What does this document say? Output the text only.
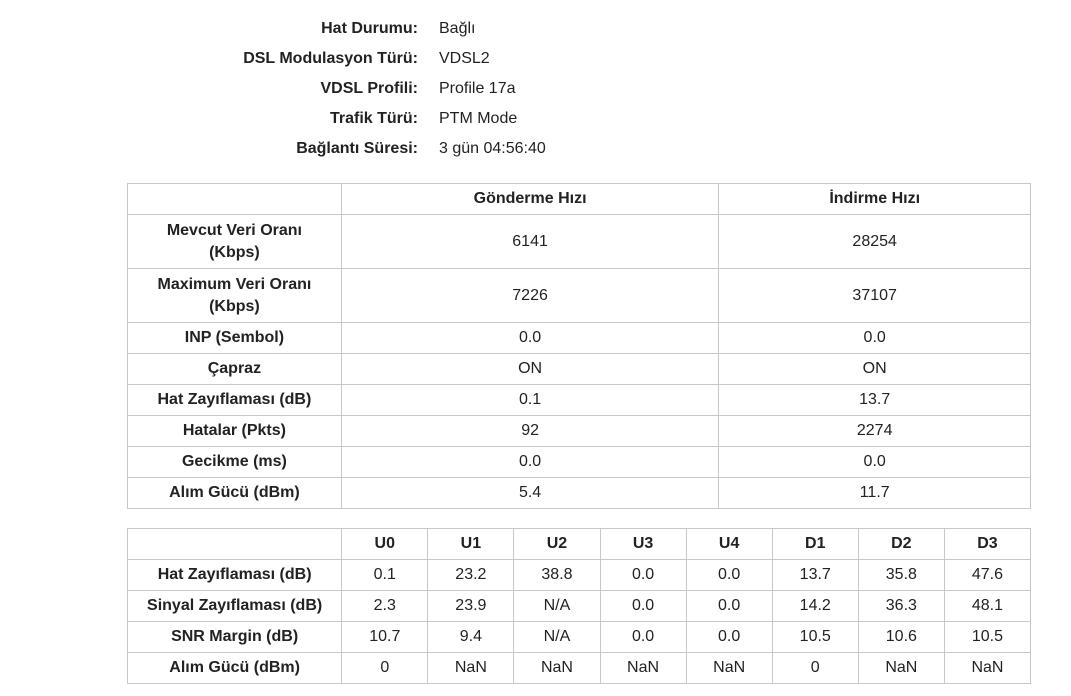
Hat Durumu:	Bağlı
DSL Modulasyon Türü:	VDSL2
VDSL Profili:	Profile 17a
Trafik Türü:	PTM Mode
Bağlantı Süresi:	3 gün 04:56:40
	Gönderme Hızı	İndirme Hızı

Mevcut Veri Oranı
(Kbps)	6141	28254

Maximum Veri Oranı
(Kbps)	7226	37107
INP (Sembol)	0.0	0.0
Çapraz	ON	ON
Hat Zayıflaması (dB)	0.1	13.7
Hatalar (Pkts)	92	2274
Gecikme (ms)	0.0	0.0
Alım Gücü (dBm)	5.4	11.7
	U0	U1	U2	U3	U4	D1	D2	D3
Hat Zayıflaması (dB)	0.1	23.2	38.8	0.0	0.0	13.7	35.8	47.6
Sinyal Zayıflaması (dB)	2.3	23.9	N/A	0.0	0.0	14.2	36.3	48.1
SNR Margin (dB)	10.7	9.4	N/A	0.0	0.0	10.5	10.6	10.5
Alım Gücü (dBm)	0	NaN	NaN	NaN	NaN	0	NaN	NaN
